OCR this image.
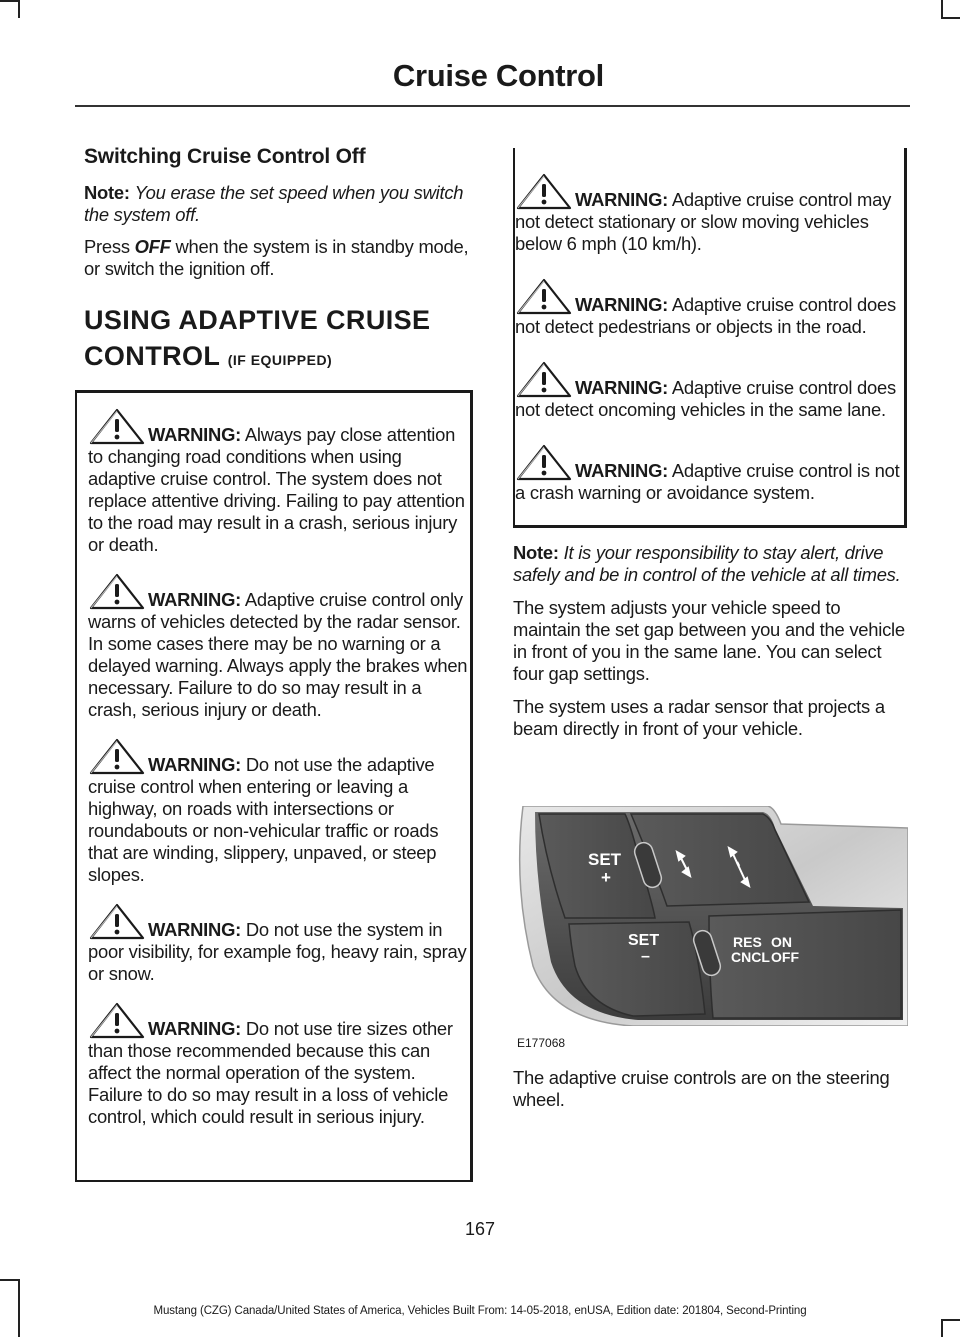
Cruise Control
Switching Cruise Control Off

Note: You erase the set speed when you switch the system off.

Press OFF when the system is in standby mode, or switch the ignition off.

USING ADAPTIVE CRUISE
CONTROL (IF EQUIPPED)

WARNING: Always pay close attention to changing road conditions when using adaptive cruise control. The system does not replace attentive driving. Failing to pay attention to the road may result in a crash, serious injury or death.

WARNING: Adaptive cruise control only warns of vehicles detected by the radar sensor. In some cases there may be no warning or a delayed warning. Always apply the brakes when necessary. Failure to do so may result in a crash, serious injury or death.

WARNING: Do not use the adaptive cruise control when entering or leaving a highway, on roads with intersections or roundabouts or non-vehicular traffic or roads that are winding, slippery, unpaved, or steep slopes.

WARNING: Do not use the system in poor visibility, for example fog, heavy rain, spray or snow.

WARNING: Do not use tire sizes other than those recommended because this can affect the normal operation of the system. Failure to do so may result in a loss of vehicle control, which could result in serious injury.

WARNING: Adaptive cruise control may not detect stationary or slow moving vehicles below 6 mph (10 km/h).

WARNING: Adaptive cruise control does not detect pedestrians or objects in the road.

WARNING: Adaptive cruise control does not detect oncoming vehicles in the same lane.

WARNING: Adaptive cruise control is not a crash warning or avoidance system.

Note: It is your responsibility to stay alert, drive safely and be in control of the vehicle at all times.

The system adjusts your vehicle speed to maintain the set gap between you and the vehicle in front of you in the same lane. You can select four gap settings.

The system uses a radar sensor that projects a beam directly in front of your vehicle.

SET
+
SET
–
RES ON
CNCL OFF
E177068

The adaptive cruise controls are on the steering wheel.

167
Mustang (CZG) Canada/United States of America, Vehicles Built From: 14-05-2018, enUSA, Edition date: 201804, Second-Printing
